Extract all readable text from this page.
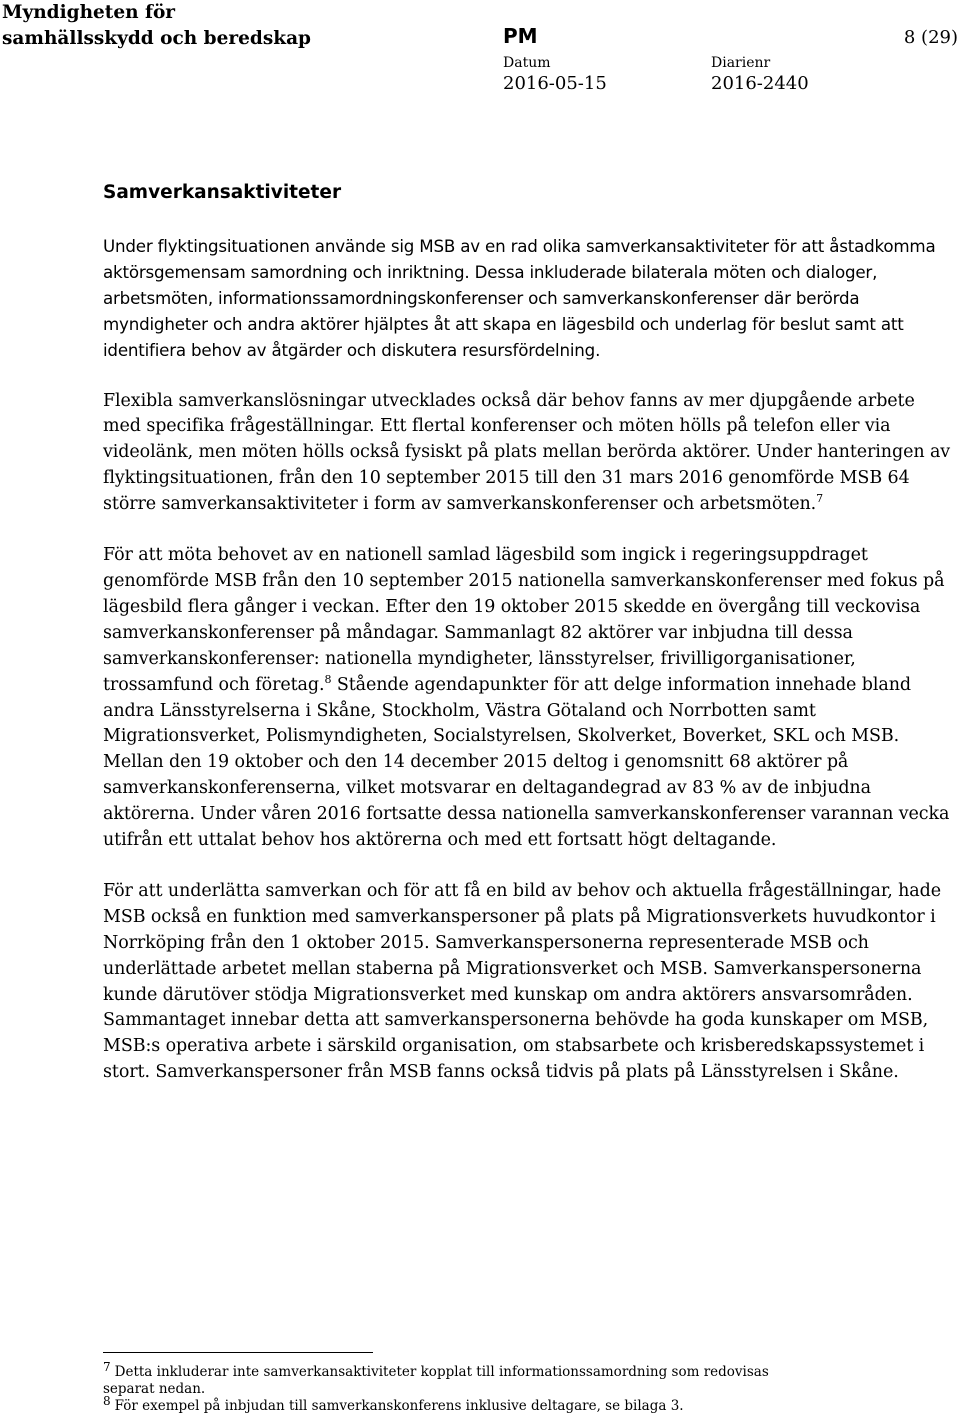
Myndigheten för
samhällsskydd och beredskap	PM	8 (29)
Datum
2016-05-15
Diarienr
2016-2440
Samverkansaktiviteter

Under flyktingsituationen använde sig MSB av en rad olika samverkansaktiviteter för att åstadkomma aktörsgemensam samordning och inriktning. Dessa inkluderade bilaterala möten och dialoger, arbetsmöten, informationssamordningskonferenser och samverkanskonferenser där berörda myndigheter och andra aktörer hjälptes åt att skapa en lägesbild och underlag för beslut samt att identifiera behov av åtgärder och diskutera resursfördelning.

Flexibla samverkanslösningar utvecklades också där behov fanns av mer djupgående arbete med specifika frågeställningar. Ett flertal konferenser och möten hölls på telefon eller via videolänk, men möten hölls också fysiskt på plats mellan berörda aktörer. Under hanteringen av flyktingsituationen, från den 10 september 2015 till den 31 mars 2016 genomförde MSB 64 större samverkansaktiviteter i form av samverkanskonferenser och arbetsmöten.$^7$

För att möta behovet av en nationell samlad lägesbild som ingick i regeringsuppdraget genomförde MSB från den 10 september 2015 nationella samverkanskonferenser med fokus på lägesbild flera gånger i veckan. Efter den 19 oktober 2015 skedde en övergång till veckovisa samverkanskonferenser på måndagar. Sammanlagt 82 aktörer var inbjudna till dessa samverkanskonferenser: nationella myndigheter, länsstyrelser, frivilligorganisationer, trossamfund och företag.$^8$ Stående agendapunkter för att delge information innehade bland andra Länsstyrelserna i Skåne, Stockholm, Västra Götaland och Norrbotten samt Migrationsverket, Polismyndigheten, Socialstyrelsen, Skolverket, Boverket, SKL och MSB. Mellan den 19 oktober och den 14 december 2015 deltog i genomsnitt 68 aktörer på samverkanskonferenserna, vilket motsvarar en deltagandegrad av 83 % av de inbjudna aktörerna. Under våren 2016 fortsatte dessa nationella samverkanskonferenser varannan vecka utifrån ett uttalat behov hos aktörerna och med ett fortsatt högt deltagande.

För att underlätta samverkan och för att få en bild av behov och aktuella frågeställningar, hade MSB också en funktion med samverkanspersoner på plats på Migrationsverkets huvudkontor i Norrköping från den 1 oktober 2015. Samverkanspersonerna representerade MSB och underlättade arbetet mellan staberna på Migrationsverket och MSB. Samverkanspersonerna kunde därutöver stödja Migrationsverket med kunskap om andra aktörers ansvarsområden. Sammantaget innebar detta att samverkanspersonerna behövde ha goda kunskaper om MSB, MSB:s operativa arbete i särskild organisation, om stabsarbete och krisberedskapssystemet i stort. Samverkanspersoner från MSB fanns också tidvis på plats på Länsstyrelsen i Skåne.

7 Detta inkluderar inte samverkansaktiviteter kopplat till informationssamordning som redovisas separat nedan.

8 För exempel på inbjudan till samverkanskonferens inklusive deltagare, se bilaga 3.
